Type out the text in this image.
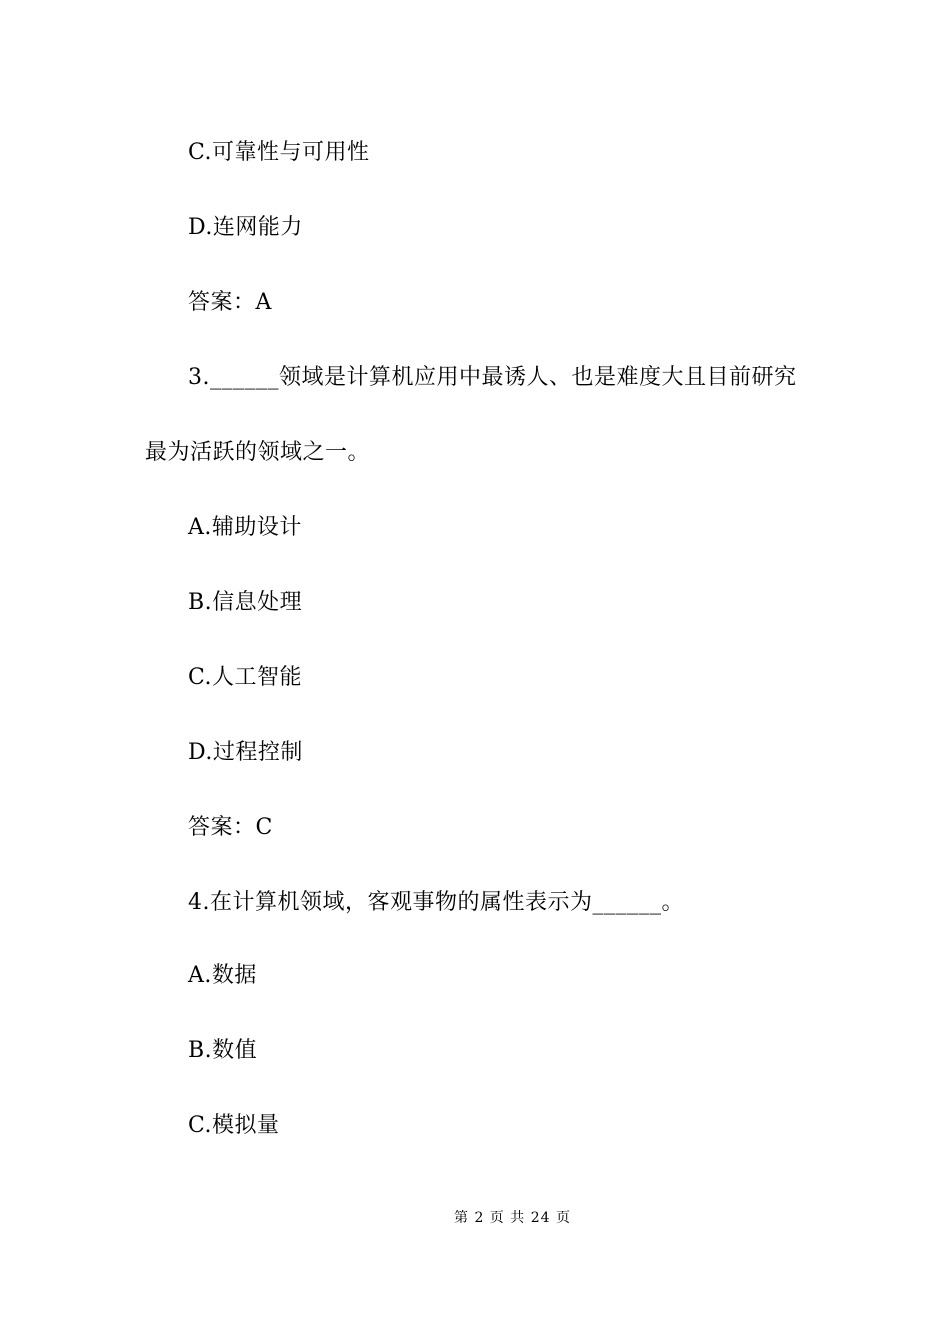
C.可靠性与可用性
D.连网能力
答案：A
3.______领域是计算机应用中最诱人、也是难度大且目前研究
最为活跃的领域之一。
A.辅助设计
B.信息处理
C.人工智能
D.过程控制
答案：C
4.在计算机领域，客观事物的属性表示为______。
A.数据
B.数值
C.模拟量
第 2 页 共 24 页
